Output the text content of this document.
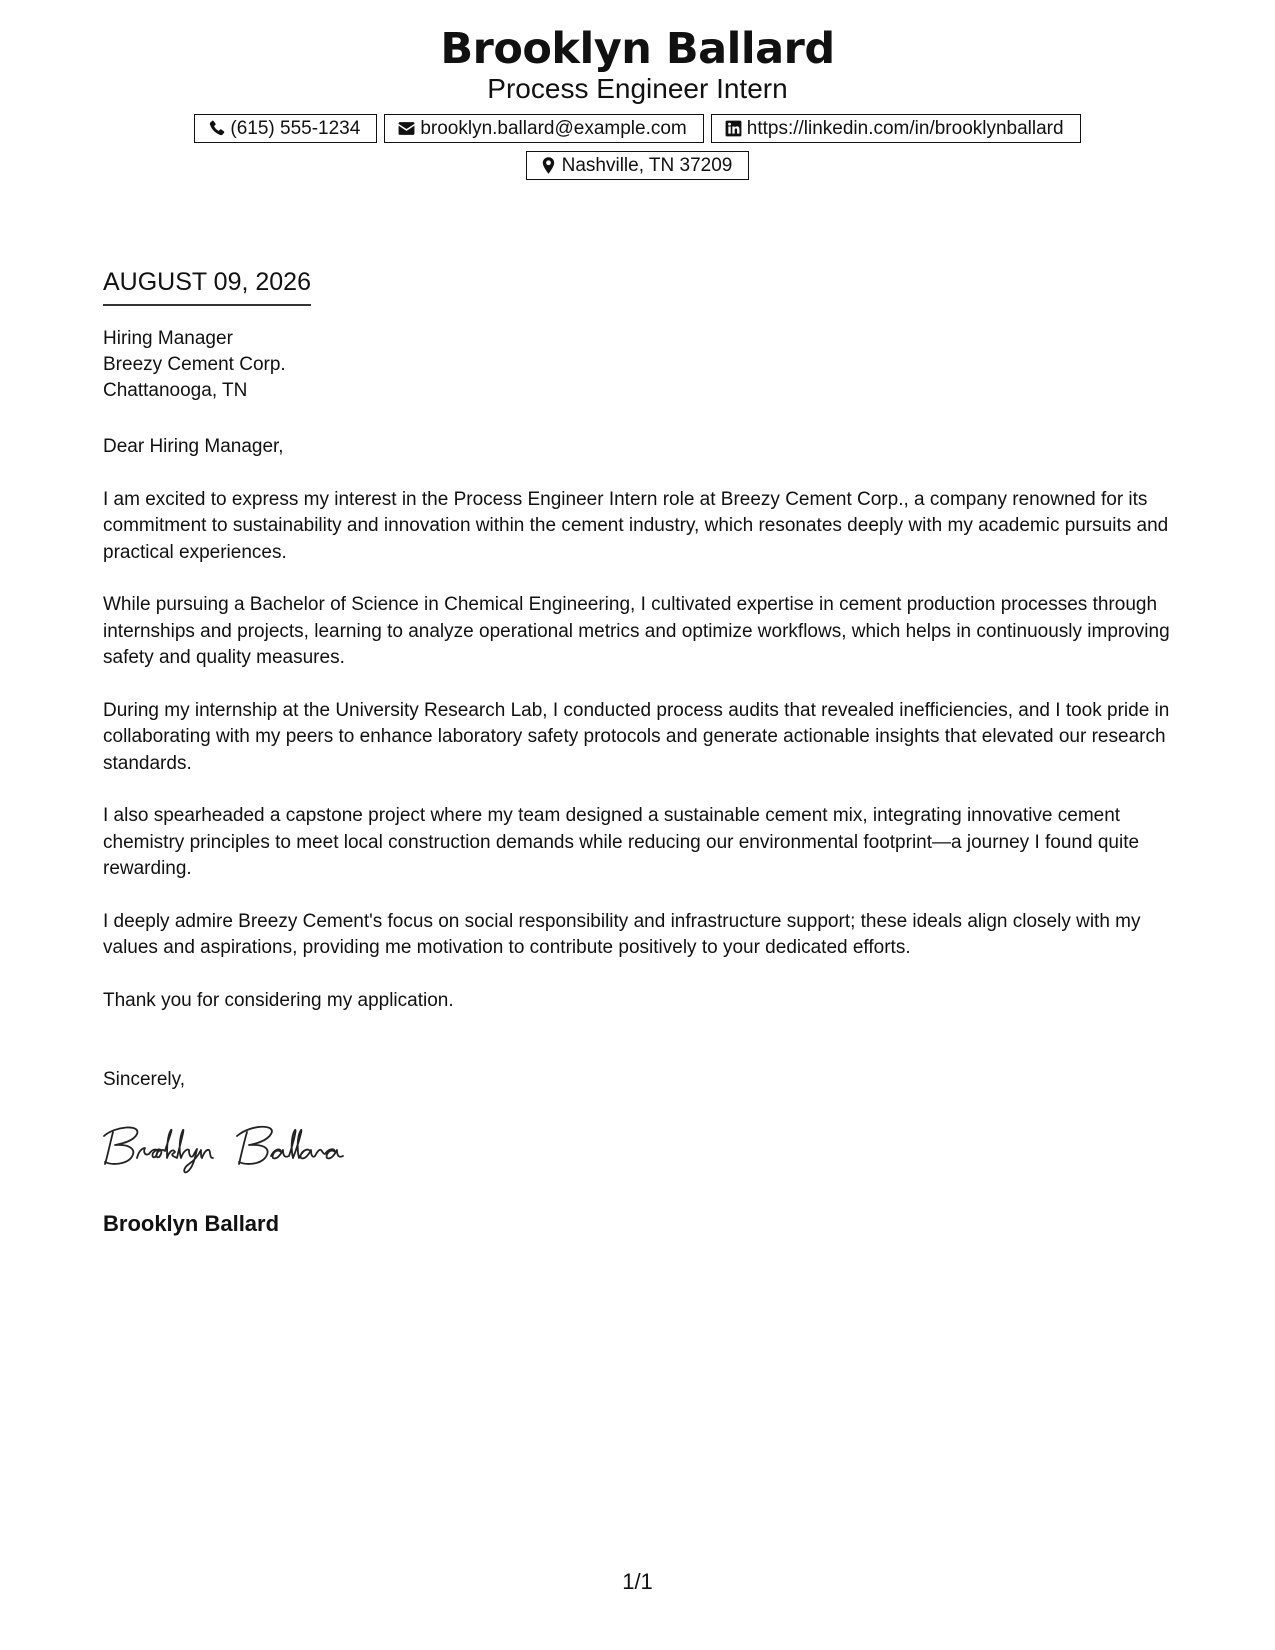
Brooklyn Ballard
Process Engineer Intern
(615) 555-1234	brooklyn.ballard@example.com	https://linkedin.com/in/brooklynballard
Nashville, TN 37209
AUGUST 09, 2026
Hiring Manager
Breezy Cement Corp.
Chattanooga, TN

Dear Hiring Manager,

I am excited to express my interest in the Process Engineer Intern role at Breezy Cement Corp., a company renowned for its commitment to sustainability and innovation within the cement industry, which resonates deeply with my academic pursuits and practical experiences.

While pursuing a Bachelor of Science in Chemical Engineering, I cultivated expertise in cement production processes through internships and projects, learning to analyze operational metrics and optimize workflows, which helps in continuously improving safety and quality measures.

During my internship at the University Research Lab, I conducted process audits that revealed inefficiencies, and I took pride in collaborating with my peers to enhance laboratory safety protocols and generate actionable insights that elevated our research standards.

I also spearheaded a capstone project where my team designed a sustainable cement mix, integrating innovative cement chemistry principles to meet local construction demands while reducing our environmental footprint—a journey I found quite rewarding.

I deeply admire Breezy Cement's focus on social responsibility and infrastructure support; these ideals align closely with my values and aspirations, providing me motivation to contribute positively to your dedicated efforts.

Thank you for considering my application.

Sincerely,
Brooklyn Ballard
1/1
